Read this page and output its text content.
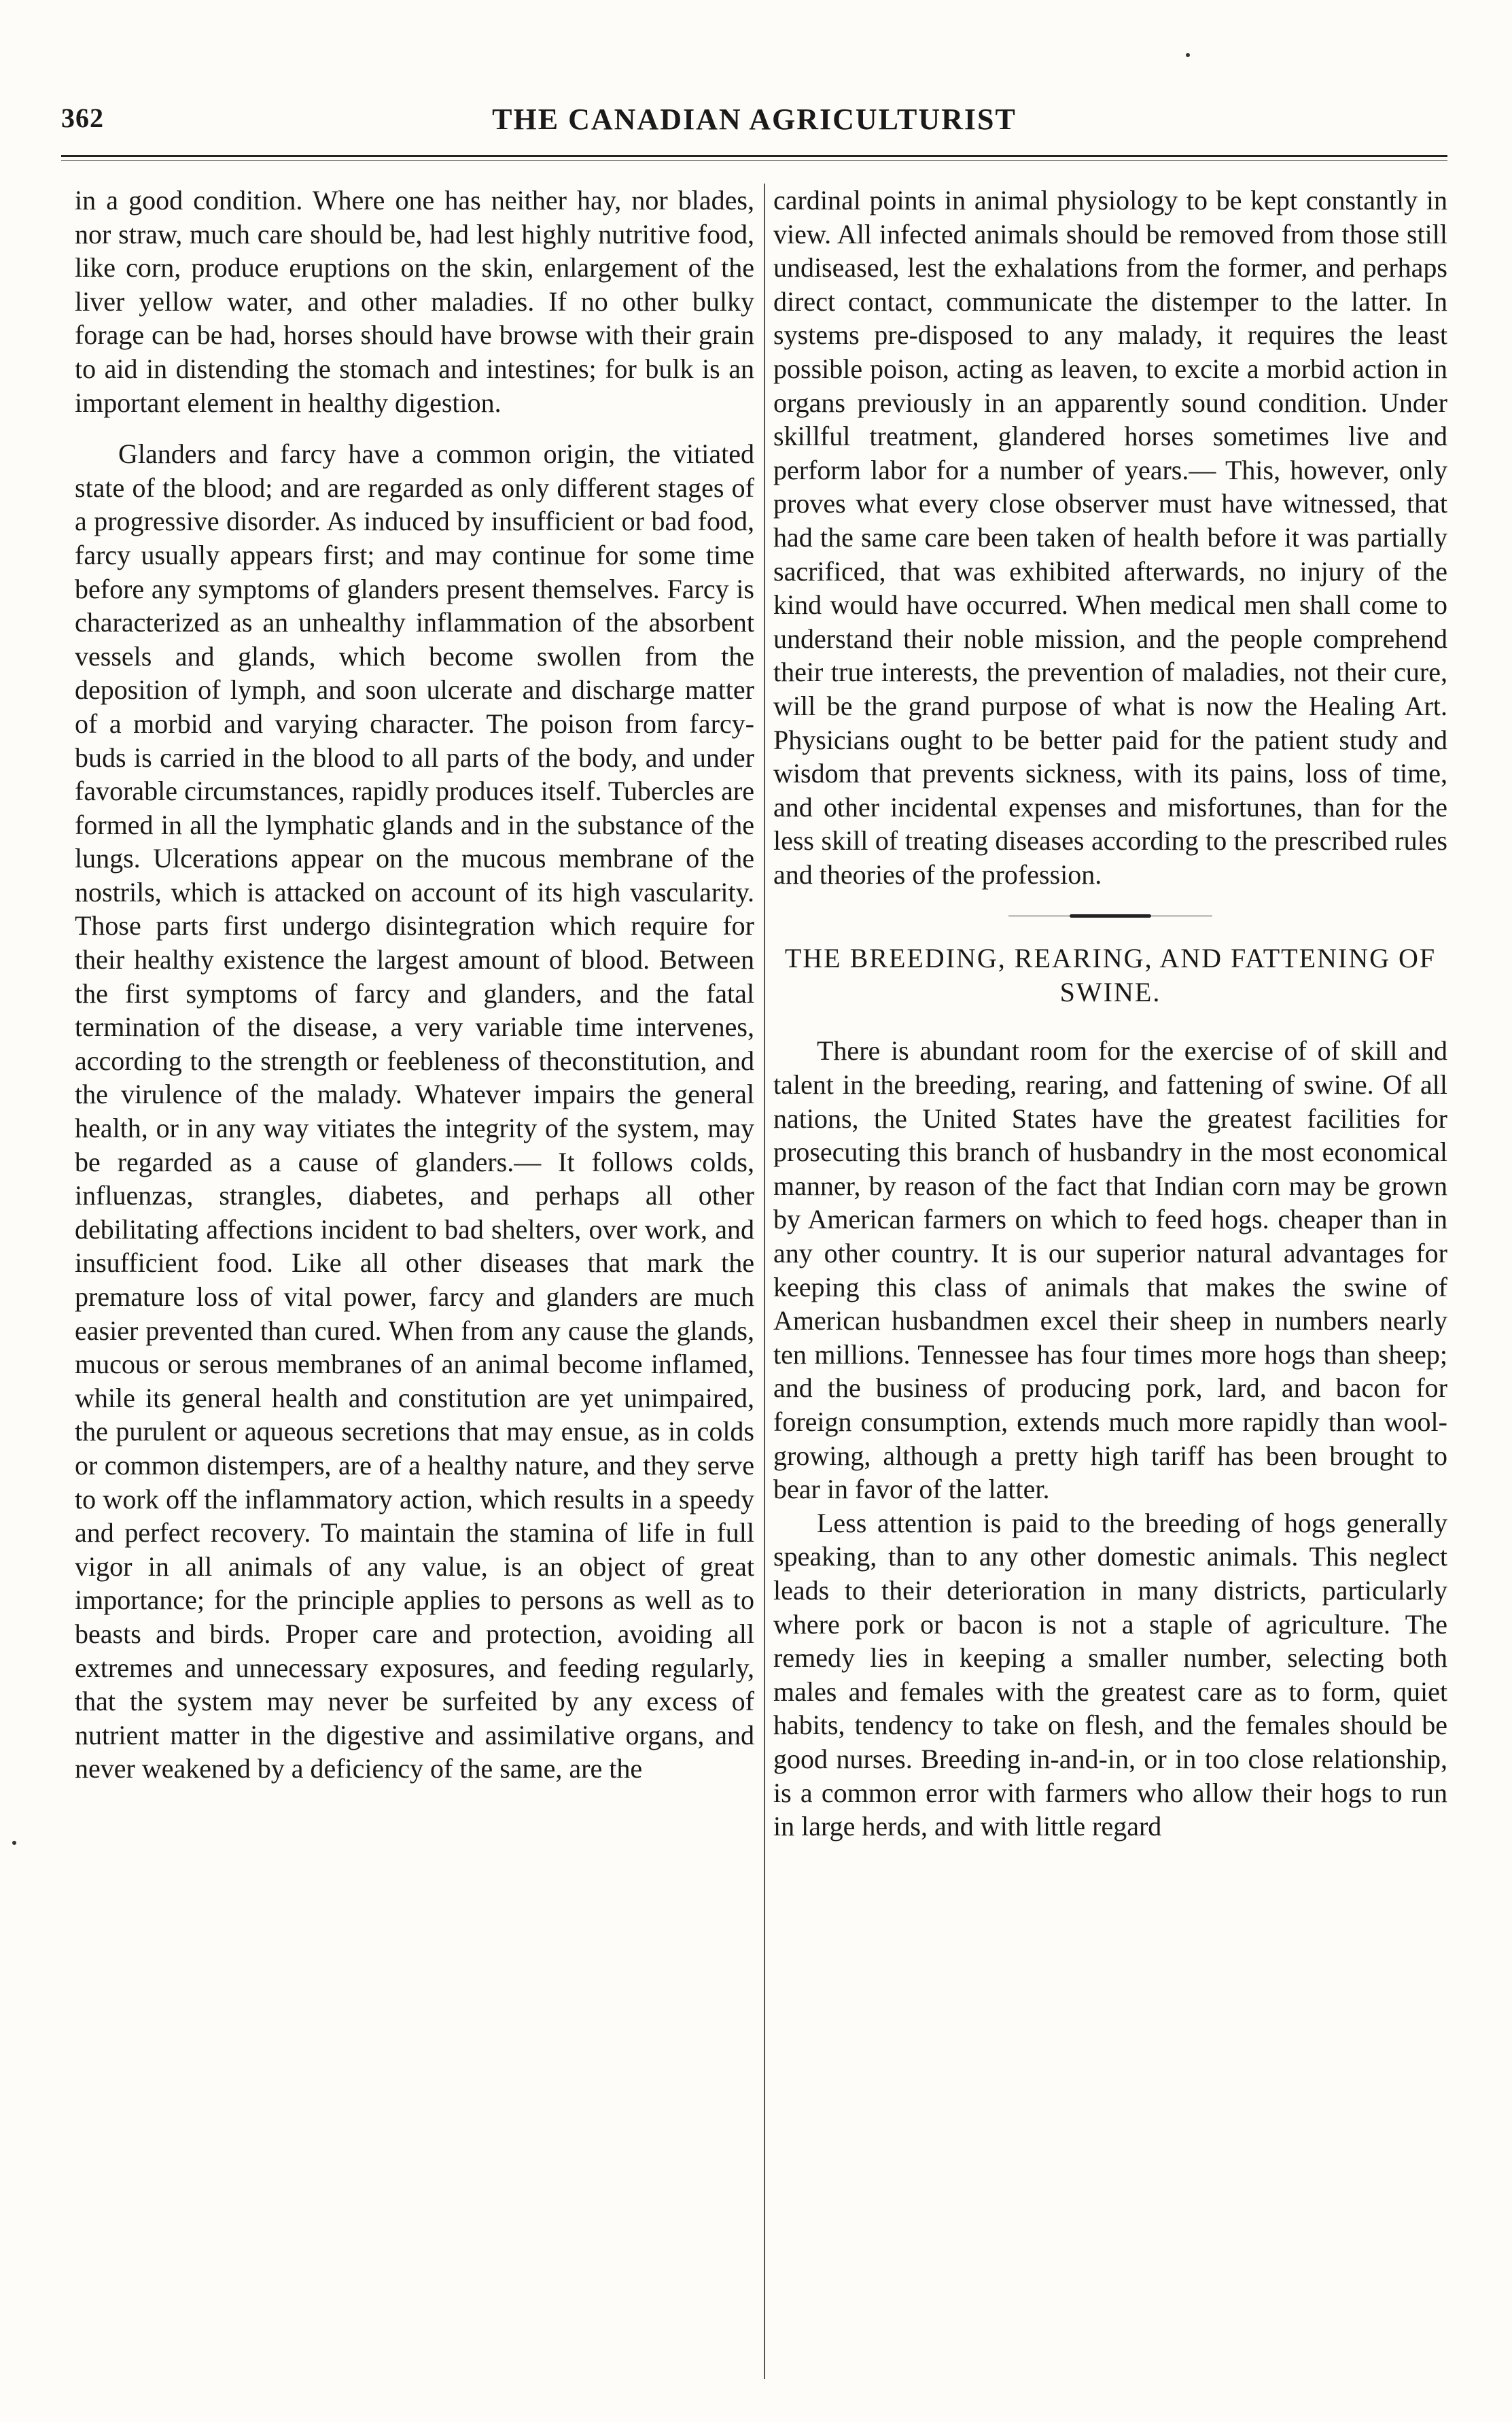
THE CANADIAN AGRICULTURIST
362

in a good condition. Where one has neither hay, nor blades, nor straw, much care should be, had lest highly nutritive food, like corn, produce eruptions on the skin, enlargement of the liver yellow water, and other maladies. If no other bulky forage can be had, horses should have browse with their grain to aid in distending the stomach and intestines; for bulk is an important element in healthy digestion.

Glanders and farcy have a common origin, the vitiated state of the blood; and are regarded as only different stages of a progressive disorder. As induced by insufficient or bad food, farcy usually appears first; and may continue for some time before any symptoms of glanders present themselves. Farcy is characterized as an unhealthy inflammation of the absorbent vessels and glands, which become swollen from the deposition of lymph, and soon ulcerate and discharge matter of a morbid and varying character. The poison from farcy-buds is carried in the blood to all parts of the body, and under favorable circumstances, rapidly produces itself. Tubercles are formed in all the lymphatic glands and in the substance of the lungs. Ulcerations appear on the mucous membrane of the nostrils, which is attacked on account of its high vascularity. Those parts first undergo disintegration which require for their healthy existence the largest amount of blood. Between the first symptoms of farcy and glanders, and the fatal termination of the disease, a very variable time intervenes, according to the strength or feebleness of theconstitution, and the virulence of the malady. Whatever impairs the general health, or in any way vitiates the integrity of the system, may be regarded as a cause of glanders.— It follows colds, influenzas, strangles, diabetes, and perhaps all other debilitating affections incident to bad shelters, over work, and insufficient food. Like all other diseases that mark the premature loss of vital power, farcy and glanders are much easier prevented than cured. When from any cause the glands, mucous or serous membranes of an animal become inflamed, while its general health and constitution are yet unimpaired, the purulent or aqueous secretions that may ensue, as in colds or common distempers, are of a healthy nature, and they serve to work off the inflammatory action, which results in a speedy and perfect recovery. To maintain the stamina of life in full vigor in all animals of any value, is an object of great importance; for the principle applies to persons as well as to beasts and birds. Proper care and protection, avoiding all extremes and unnecessary exposures, and feeding regularly, that the system may never be surfeited by any excess of nutrient matter in the digestive and assimilative organs, and never weakened by a deficiency of the same, are the

cardinal points in animal physiology to be kept constantly in view. All infected animals should be removed from those still undiseased, lest the exhalations from the former, and perhaps direct contact, communicate the distemper to the latter. In systems pre-disposed to any malady, it requires the least possible poison, acting as leaven, to excite a morbid action in organs previously in an apparently sound condition. Under skillful treatment, glandered horses sometimes live and perform labor for a number of years.— This, however, only proves what every close observer must have witnessed, that had the same care been taken of health before it was partially sacrificed, that was exhibited afterwards, no injury of the kind would have occurred. When medical men shall come to understand their noble mission, and the people comprehend their true interests, the prevention of maladies, not their cure, will be the grand purpose of what is now the Healing Art. Physicians ought to be better paid for the patient study and wisdom that prevents sickness, with its pains, loss of time, and other incidental expenses and misfortunes, than for the less skill of treating diseases according to the prescribed rules and theories of the profession.

THE BREEDING, REARING, AND FATTENING OF SWINE.

There is abundant room for the exercise of of skill and talent in the breeding, rearing, and fattening of swine. Of all nations, the United States have the greatest facilities for prosecuting this branch of husbandry in the most economical manner, by reason of the fact that Indian corn may be grown by American farmers on which to feed hogs. cheaper than in any other country. It is our superior natural advantages for keeping this class of animals that makes the swine of American husbandmen excel their sheep in numbers nearly ten millions. Tennessee has four times more hogs than sheep; and the business of producing pork, lard, and bacon for foreign consumption, extends much more rapidly than wool-growing, although a pretty high tariff has been brought to bear in favor of the latter.

Less attention is paid to the breeding of hogs generally speaking, than to any other domestic animals. This neglect leads to their deterioration in many districts, particularly where pork or bacon is not a staple of agriculture. The remedy lies in keeping a smaller number, selecting both males and females with the greatest care as to form, quiet habits, tendency to take on flesh, and the females should be good nurses. Breeding in-and-in, or in too close relationship, is a common error with farmers who allow their hogs to run in large herds, and with little regard
